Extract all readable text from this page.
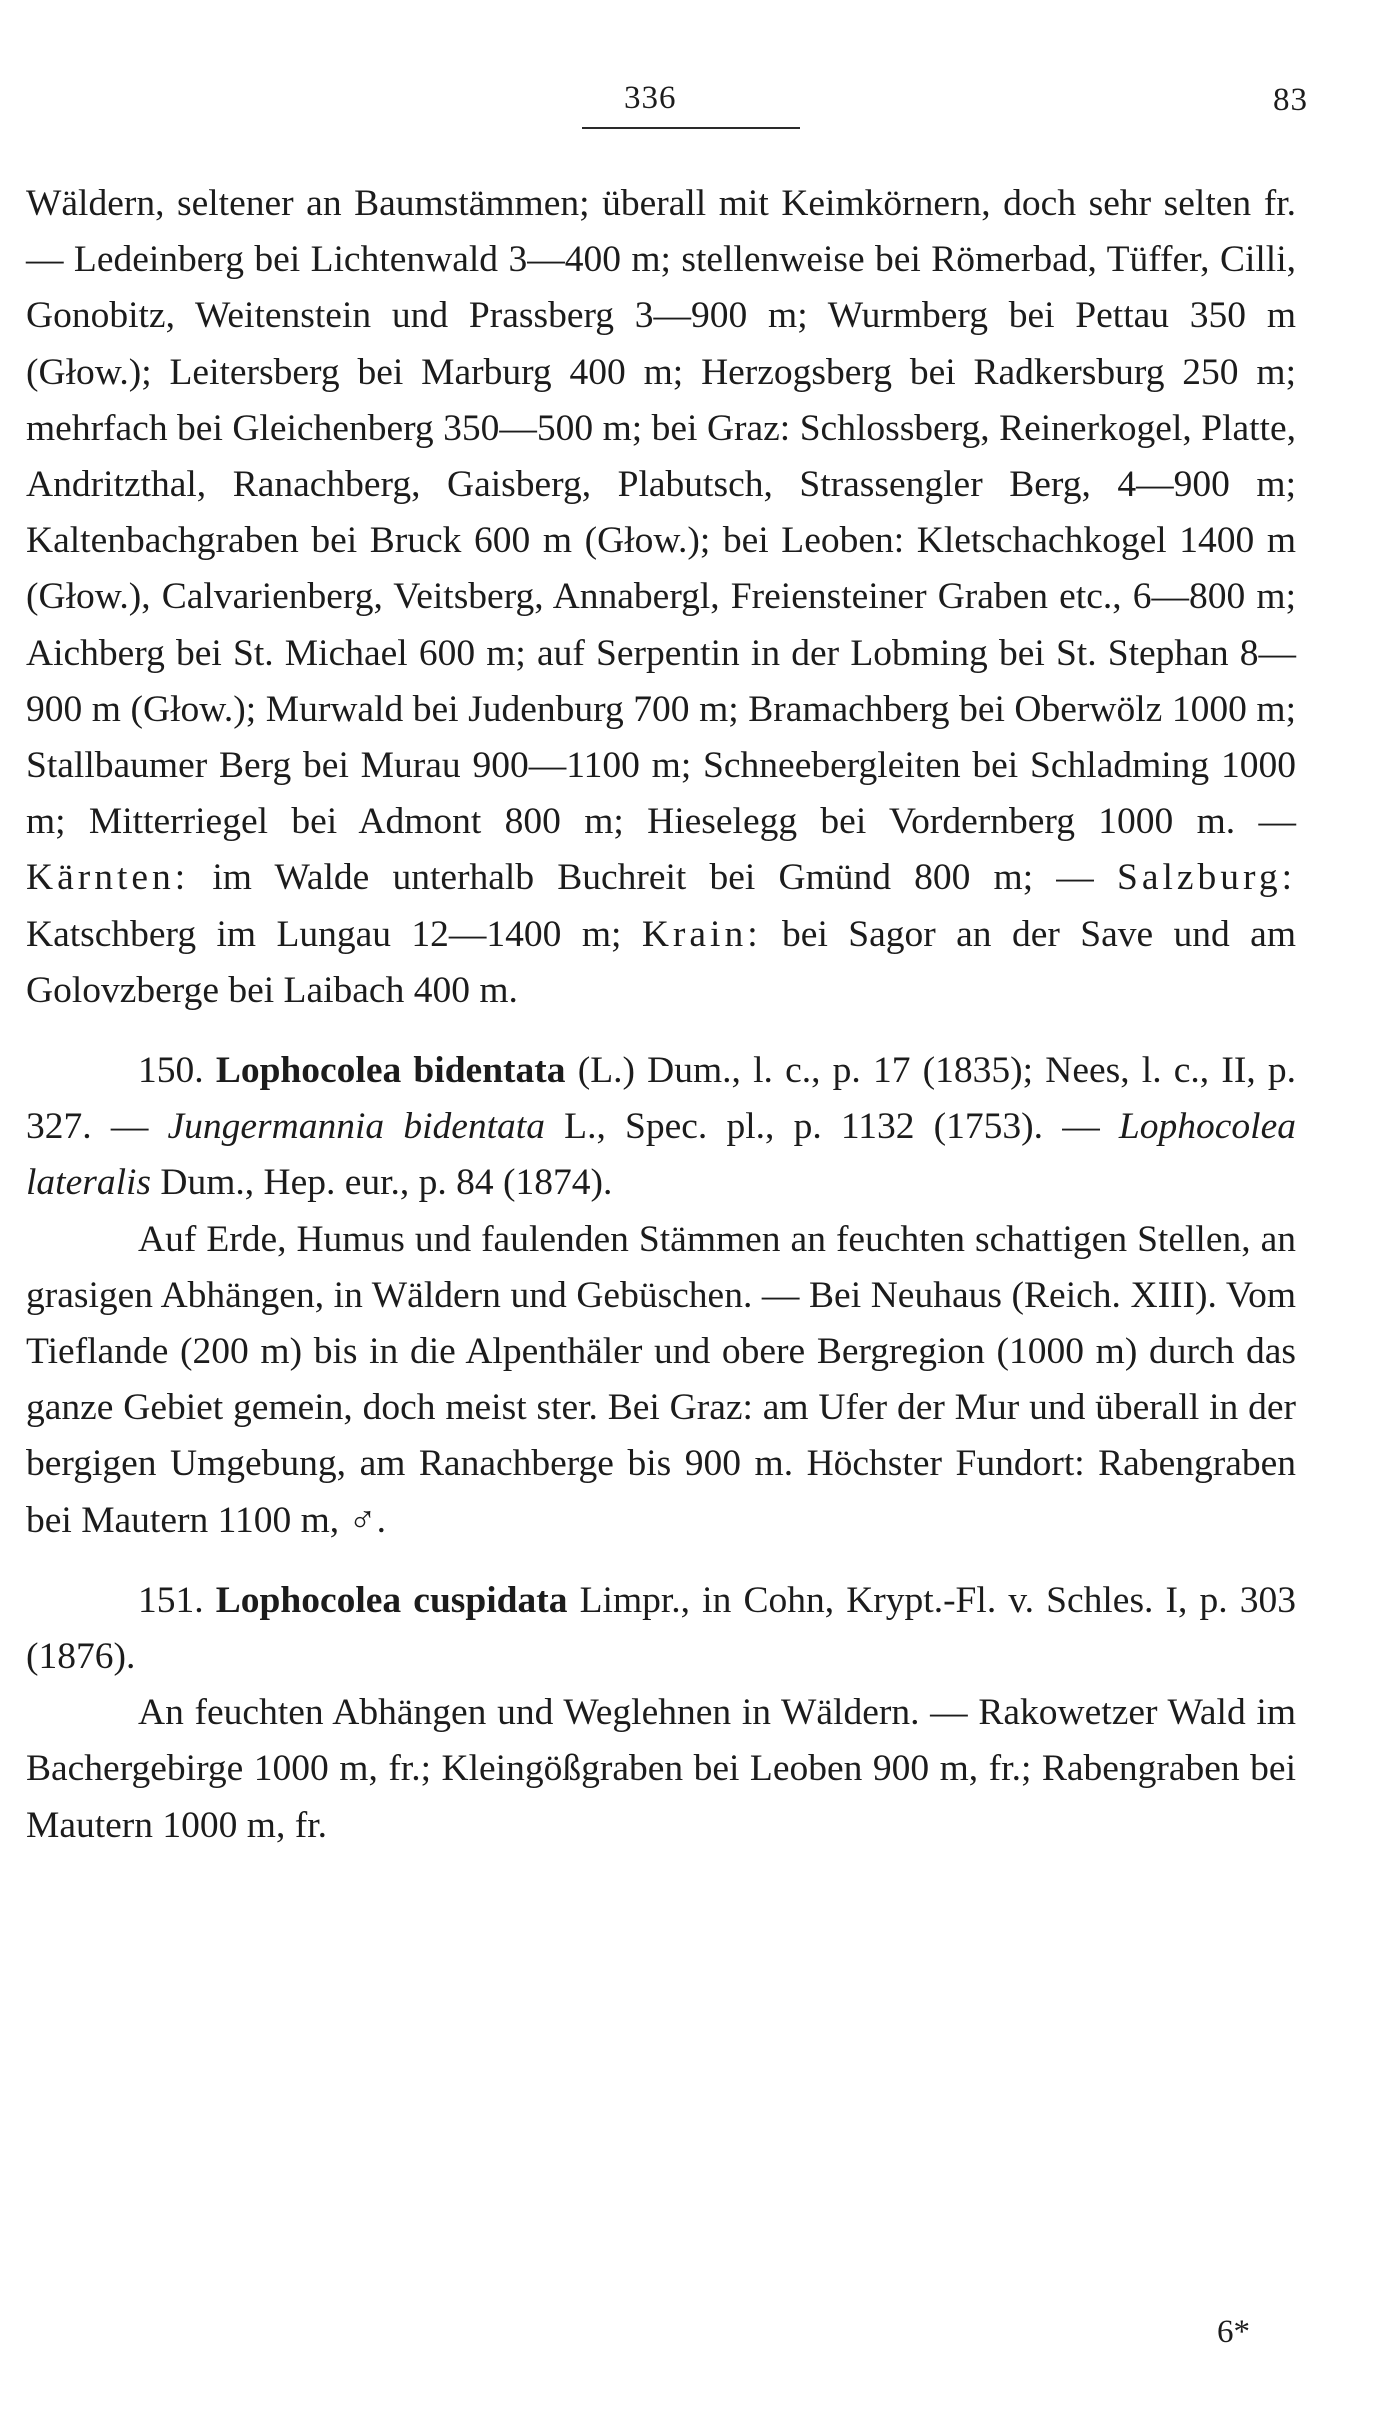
336	83

Wäldern, seltener an Baumstämmen; überall mit Keimkörnern, doch sehr selten fr. — Ledeinberg bei Lichtenwald 3—400 m; stellenweise bei Römerbad, Tüffer, Cilli, Gonobitz, Weitenstein und Prassberg 3—900 m; Wurmberg bei Pettau 350 m (Głow.); Leitersberg bei Marburg 400 m; Herzogsberg bei Radkersburg 250 m; mehrfach bei Gleichenberg 350—500 m; bei Graz: Schlossberg, Reinerkogel, Platte, Andritzthal, Ranachberg, Gaisberg, Plabutsch, Strassengler Berg, 4—900 m; Kaltenbachgraben bei Bruck 600 m (Głow.); bei Leoben: Kletschachkogel 1400 m (Głow.), Calvarienberg, Veitsberg, Annabergl, Freiensteiner Graben etc., 6—800 m; Aichberg bei St. Michael 600 m; auf Serpentin in der Lobming bei St. Stephan 8—900 m (Głow.); Murwald bei Judenburg 700 m; Bramachberg bei Oberwölz 1000 m; Stallbaumer Berg bei Murau 900—1100 m; Schneebergleiten bei Schladming 1000 m; Mitterriegel bei Admont 800 m; Hieselegg bei Vordernberg 1000 m. — Kärnten: im Walde unterhalb Buchreit bei Gmünd 800 m; — Salzburg: Katschberg im Lungau 12—1400 m; Krain: bei Sagor an der Save und am Golovzberge bei Laibach 400 m.

150. Lophocolea bidentata (L.) Dum., l. c., p. 17 (1835); Nees, l. c., II, p. 327. — Jungermannia bidentata L., Spec. pl., p. 1132 (1753). — Lophocolea lateralis Dum., Hep. eur., p. 84 (1874).

Auf Erde, Humus und faulenden Stämmen an feuchten schattigen Stellen, an grasigen Abhängen, in Wäldern und Gebüschen. — Bei Neuhaus (Reich. XIII). Vom Tieflande (200 m) bis in die Alpenthäler und obere Bergregion (1000 m) durch das ganze Gebiet gemein, doch meist ster. Bei Graz: am Ufer der Mur und überall in der bergigen Umgebung, am Ranachberge bis 900 m. Höchster Fundort: Rabengraben bei Mautern 1100 m, ♂.

151. Lophocolea cuspidata Limpr., in Cohn, Krypt.-Fl. v. Schles. I, p. 303 (1876).

An feuchten Abhängen und Weglehnen in Wäldern. — Rakowetzer Wald im Bachergebirge 1000 m, fr.; Kleingößgraben bei Leoben 900 m, fr.; Rabengraben bei Mautern 1000 m, fr.

6*
